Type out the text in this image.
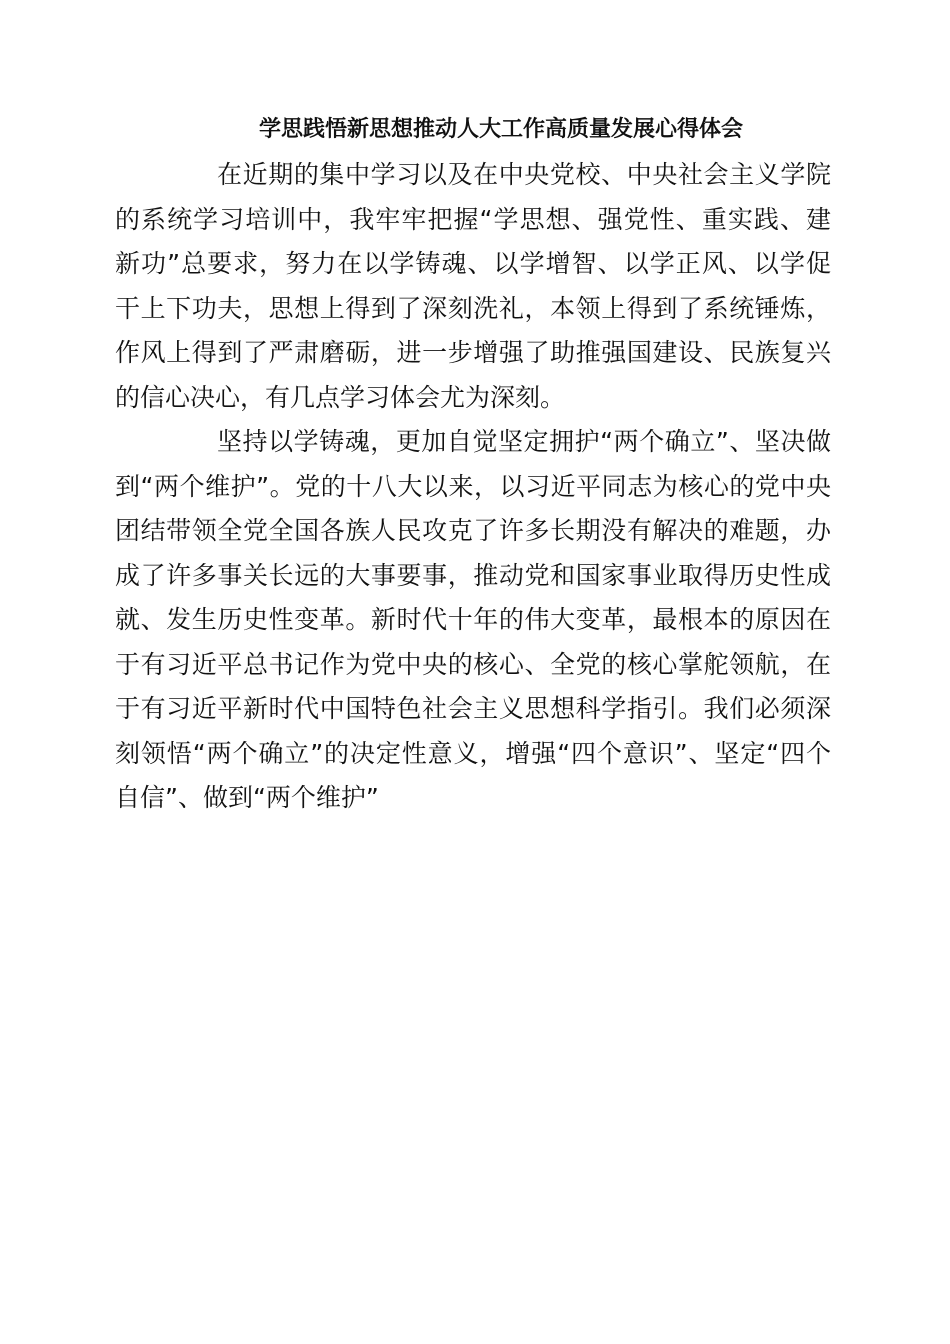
学思践悟新思想推动人大工作高质量发展心得体会
在近期的集中学习以及在中央党校、中央社会主义学院
的系统学习培训中，我牢牢把握“学思想、强党性、重实践、建
新功”总要求，努力在以学铸魂、以学增智、以学正风、以学促
干上下功夫，思想上得到了深刻洗礼，本领上得到了系统锤炼，
作风上得到了严肃磨砺，进一步增强了助推强国建设、民族复兴
的信心决心，有几点学习体会尤为深刻。
坚持以学铸魂，更加自觉坚定拥护“两个确立”、坚决做
到“两个维护”。党的十八大以来，以习近平同志为核心的党中央
团结带领全党全国各族人民攻克了许多长期没有解决的难题，办
成了许多事关长远的大事要事，推动党和国家事业取得历史性成
就、发生历史性变革。新时代十年的伟大变革，最根本的原因在
于有习近平总书记作为党中央的核心、全党的核心掌舵领航，在
于有习近平新时代中国特色社会主义思想科学指引。我们必须深
刻领悟“两个确立”的决定性意义，增强“四个意识”、坚定“四个
自信”、做到“两个维护”
